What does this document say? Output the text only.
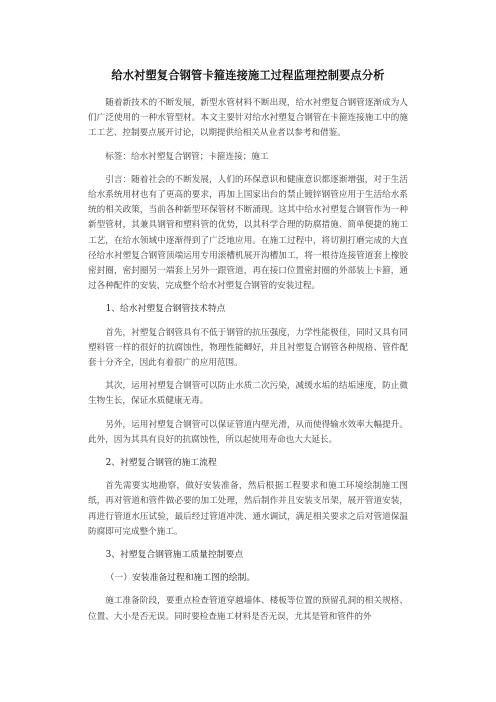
给水衬塑复合钢管卡箍连接施工过程监理控制要点分析

随着新技术的不断发展，新型水管材料不断出现，给水衬塑复合钢管逐渐成为人们广泛使用的一种水管型材。本文主要针对给水衬塑复合钢管在卡箍连接施工中的施工工艺、控制要点展开讨论，以期提供给相关从业者以参考和借鉴。

标签：给水衬塑复合钢管；卡箍连接；施工

引言：随着社会的不断发展，人们的环保意识和健康意识都逐渐增强，对于生活给水系统用材也有了更高的要求，再加上国家出台的禁止镀锌钢管应用于生活给水系统的相关政策，当前各种新型环保管材不断涌现。这其中给水衬塑复合钢管作为一种新型管材，其兼具钢管和塑料管的优势，以其科学合理的防腐措施、简单便捷的施工工艺，在给水领域中逐渐得到了广泛地应用。在施工过程中，将切割打磨完成的大直径给水衬塑复合钢管顶端运用专用滚槽机展开沟槽加工，将一根待连接管道套上橡胶密封圈，密封圈另一端套上另外一跟管道，再在接口位置密封圈的外部装上卡箍，通过各种配件的安装，完成整个给水衬塑复合钢管的安装过程。

1、给水衬塑复合钢管技术特点

首先，衬塑复合钢管具有不低于钢管的抗压强度，力学性能极佳，同时又具有同塑料管一样的很好的抗腐蚀性，物理性能鲫好，并且衬塑复合钢管各种规格、管件配套十分齐全，因此有着很广的应用范围。

其次，运用衬塑复合钢管可以防止水质二次污染，减缓水垢的结垢速度，防止微生物生长，保证水质健康无毒。

另外，运用衬塑复合钢管可以保证管道内壁光滑，从而使得输水效率大幅提升。此外，因为其具有良好的抗腐蚀性，所以起使用寿命也大大延长。

2、衬塑复合钢管的施工流程

首先需要实地勘察，做好安装准备，然后根据工程要求和施工环境绘制施工图纸，再对管道和管件做必要的加工处理，然后制作并且安装支吊架，展开管道安装，再进行管道水压试验，最后经过管道冲洗、通水调试，满足相关要求之后对管道保温防腐即可完成整个施工。

3、衬塑复合钢管施工质量控制要点
（一）安装准备过程和施工图的绘制。

施工准备阶段，要重点检查管道穿越墙体、楼板等位置的预留孔洞的相关规格、位置、大小是否无误。同时要检查施工材料是否无误，尤其是管和管件的外
